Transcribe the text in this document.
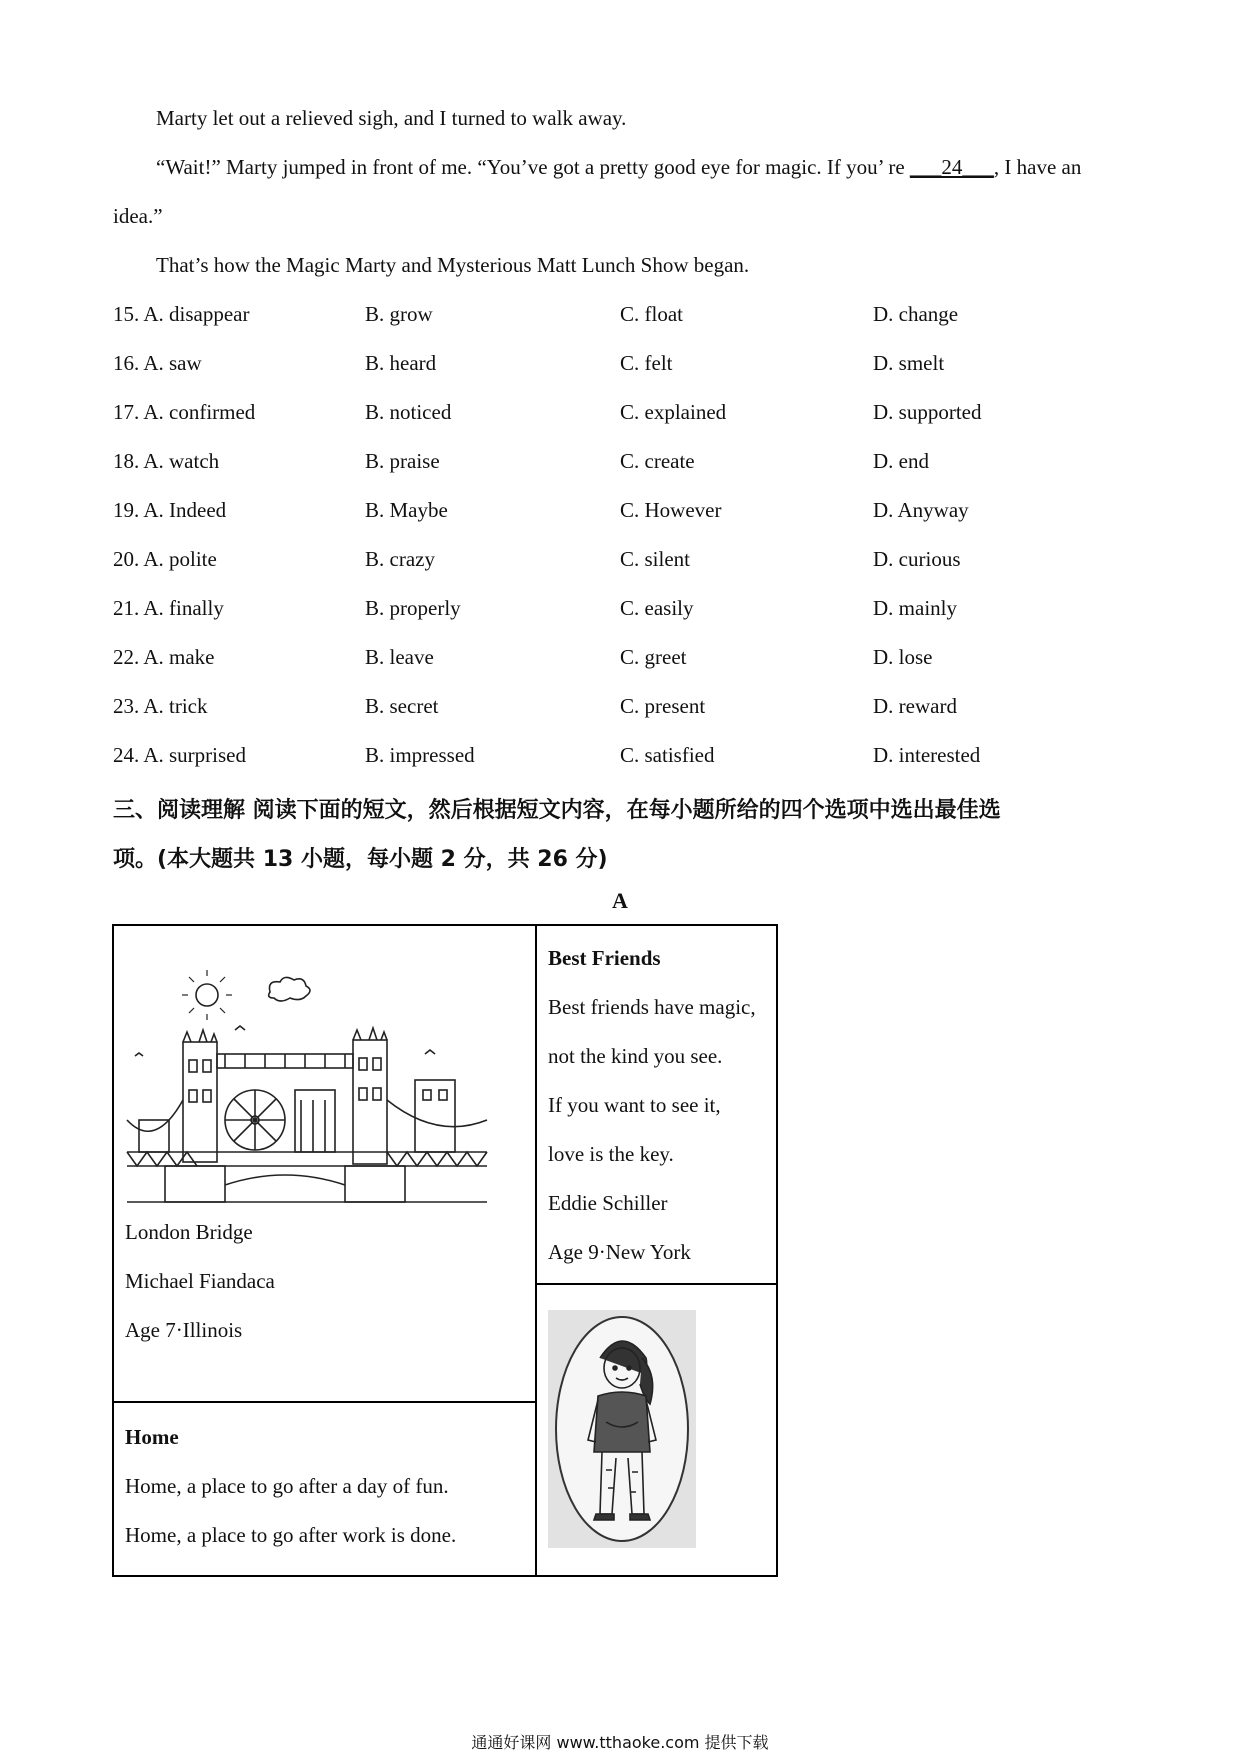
Marty let out a relieved sigh, and I turned to walk away.
“Wait!” Marty jumped in front of me. “You’ve got a pretty good eye for magic. If you’ re ___24___, I have an
idea.”
That’s how the Magic Marty and Mysterious Matt Lunch Show began.
15. A. disappear	B. grow	C. float	D. change
16. A. saw	B. heard	C. felt	D. smelt
17. A. confirmed	B. noticed	C. explained	D. supported
18. A. watch	B. praise	C. create	D. end
19. A. Indeed	B. Maybe	C. However	D. Anyway
20. A. polite	B. crazy	C. silent	D. curious
21. A. finally	B. properly	C. easily	D. mainly
22. A. make	B. leave	C. greet	D. lose
23. A. trick	B. secret	C. present	D. reward
24. A. surprised	B. impressed	C. satisfied	D. interested
三、阅读理解 阅读下面的短文，然后根据短文内容，在每小题所给的四个选项中选出最佳选
项。(本大题共 13 小题，每小题 2 分，共 26 分)
A
London Bridge
Michael Fiandaca
Age 7·Illinois
Best Friends
Best friends have magic,
not the kind you see.
If you want to see it,
love is the key.
Eddie Schiller
Age 9·New York
Home
Home, a place to go after a day of fun.
Home, a place to go after work is done.
通通好课网 www.tthaoke.com 提供下载
